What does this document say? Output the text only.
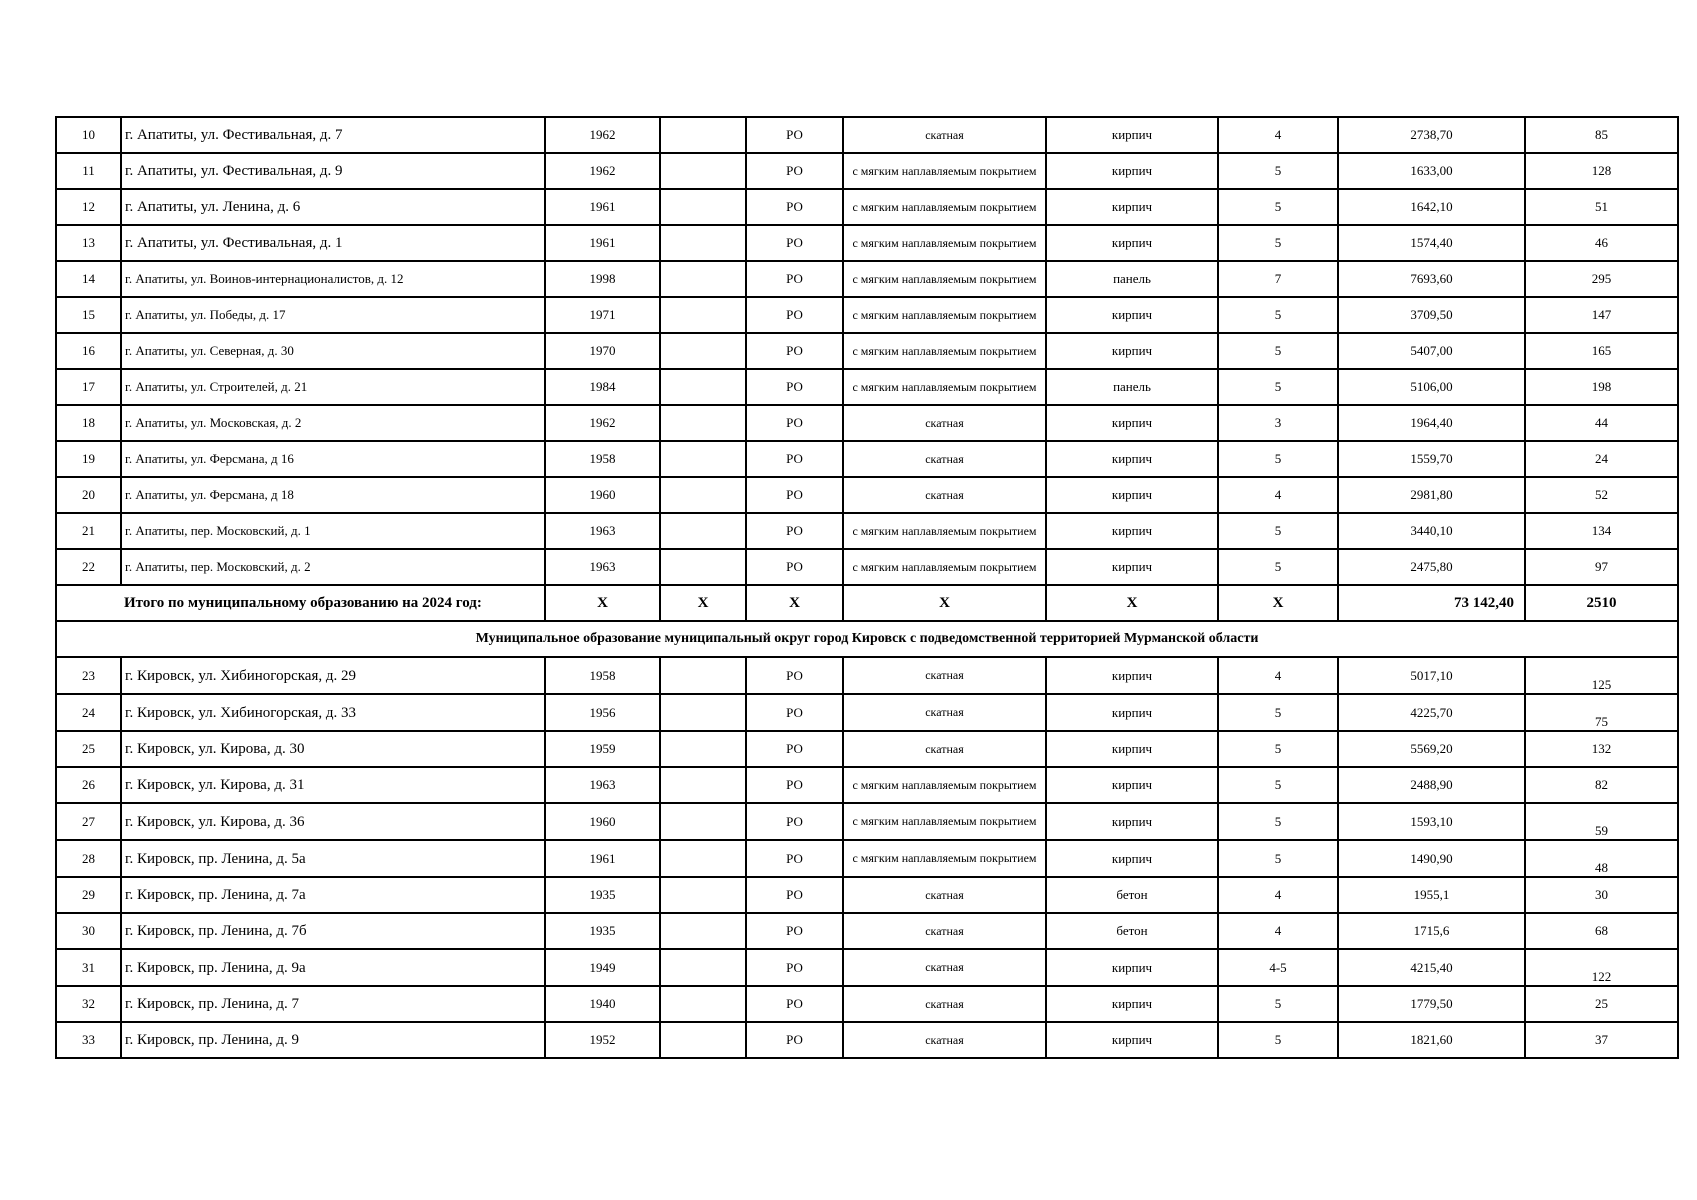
10	г. Апатиты, ул. Фестивальная, д. 7	1962		РО	скатная	кирпич	4	2738,70	85
11	г. Апатиты, ул. Фестивальная, д. 9	1962		РО	с мягким наплавляемым покрытием	кирпич	5	1633,00	128
12	г. Апатиты, ул. Ленина, д. 6	1961		РО	с мягким наплавляемым покрытием	кирпич	5	1642,10	51
13	г. Апатиты, ул. Фестивальная, д. 1	1961		РО	с мягким наплавляемым покрытием	кирпич	5	1574,40	46
14	г. Апатиты, ул. Воинов-интернационалистов, д. 12	1998		РО	с мягким наплавляемым покрытием	панель	7	7693,60	295
15	г. Апатиты, ул. Победы, д. 17	1971		РО	с мягким наплавляемым покрытием	кирпич	5	3709,50	147
16	г. Апатиты, ул. Северная, д. 30	1970		РО	с мягким наплавляемым покрытием	кирпич	5	5407,00	165
17	г. Апатиты, ул. Строителей, д. 21	1984		РО	с мягким наплавляемым покрытием	панель	5	5106,00	198
18	г. Апатиты, ул. Московская, д. 2	1962		РО	скатная	кирпич	3	1964,40	44
19	г. Апатиты, ул. Ферсмана, д 16	1958		РО	скатная	кирпич	5	1559,70	24
20	г. Апатиты, ул. Ферсмана, д 18	1960		РО	скатная	кирпич	4	2981,80	52
21	г. Апатиты, пер. Московский, д. 1	1963		РО	с мягким наплавляемым покрытием	кирпич	5	3440,10	134
22	г. Апатиты, пер. Московский, д. 2	1963		РО	с мягким наплавляемым покрытием	кирпич	5	2475,80	97
Итого по муниципальному образованию на 2024 год:		X	X	X	X	X	X	73 142,40	2510
Муниципальное образование муниципальный округ город Кировск с подведомственной территорией Мурманской области									
23	г. Кировск, ул. Хибиногорская, д. 29	1958		РО	скатная	кирпич	4	5017,10	125
24	г. Кировск, ул. Хибиногорская, д. 33	1956		РО	скатная	кирпич	5	4225,70	75
25	г. Кировск, ул. Кирова, д. 30	1959		РО	скатная	кирпич	5	5569,20	132
26	г. Кировск, ул. Кирова, д. 31	1963		РО	с мягким наплавляемым покрытием	кирпич	5	2488,90	82
27	г. Кировск, ул. Кирова, д. 36	1960		РО	с мягким наплавляемым покрытием	кирпич	5	1593,10	59
28	г. Кировск, пр. Ленина, д. 5а	1961		РО	с мягким наплавляемым покрытием	кирпич	5	1490,90	48
29	г. Кировск, пр. Ленина, д. 7а	1935		РО	скатная	бетон	4	1955,1	30
30	г. Кировск, пр. Ленина, д. 7б	1935		РО	скатная	бетон	4	1715,6	68
31	г. Кировск, пр. Ленина, д. 9а	1949		РО	скатная	кирпич	4-5	4215,40	122
32	г. Кировск, пр. Ленина, д. 7	1940		РО	скатная	кирпич	5	1779,50	25
33	г. Кировск, пр. Ленина, д. 9	1952		РО	скатная	кирпич	5	1821,60	37
